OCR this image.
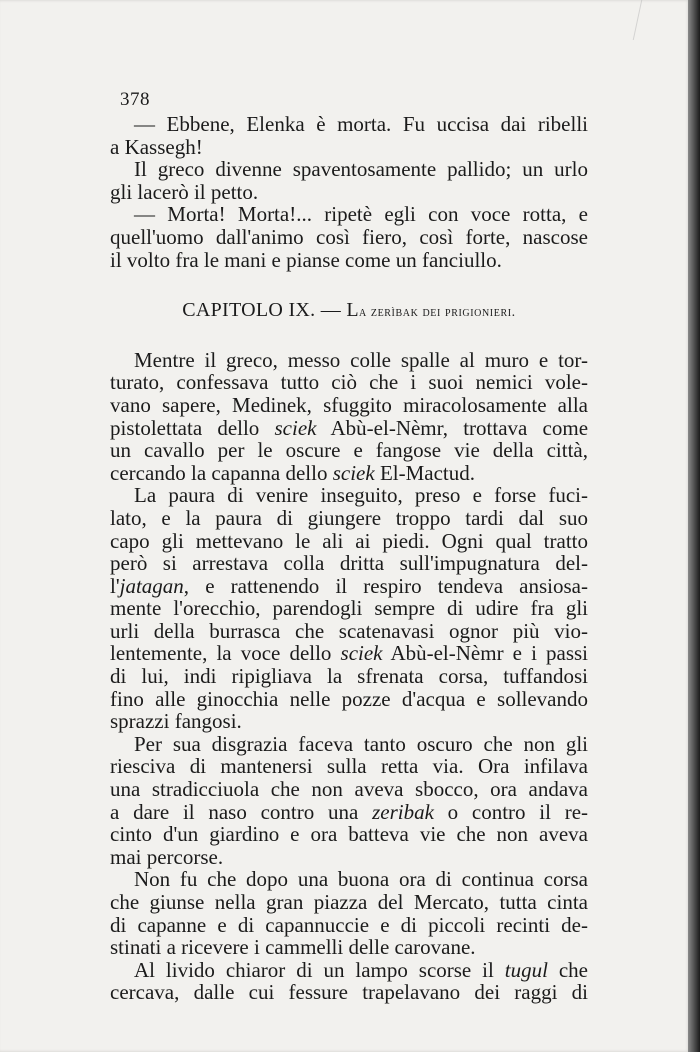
378
— Ebbene, Elenka è morta. Fu uccisa dai ribelli
a Kassegh!
Il greco divenne spaventosamente pallido; un urlo
gli lacerò il petto.
— Morta! Morta!... ripetè egli con voce rotta, e
quell'uomo dall'animo così fiero, così forte, nascose
il volto fra le mani e pianse come un fanciullo.
CAPITOLO IX. — La zerìbak dei prigionieri.
Mentre il greco, messo colle spalle al muro e tor-
turato, confessava tutto ciò che i suoi nemici vole-
vano sapere, Medinek, sfuggito miracolosamente alla
pistolettata dello sciek Abù-el-Nèmr, trottava come
un cavallo per le oscure e fangose vie della città,
cercando la capanna dello sciek El-Mactud.
La paura di venire inseguito, preso e forse fuci-
lato, e la paura di giungere troppo tardi dal suo
capo gli mettevano le ali ai piedi. Ogni qual tratto
però si arrestava colla dritta sull'impugnatura del-
l'jatagan, e rattenendo il respiro tendeva ansiosa-
mente l'orecchio, parendogli sempre di udire fra gli
urli della burrasca che scatenavasi ognor più vio-
lentemente, la voce dello sciek Abù-el-Nèmr e i passi
di lui, indi ripigliava la sfrenata corsa, tuffandosi
fino alle ginocchia nelle pozze d'acqua e sollevando
sprazzi fangosi.
Per sua disgrazia faceva tanto oscuro che non gli
riesciva di mantenersi sulla retta via. Ora infilava
una stradicciuola che non aveva sbocco, ora andava
a dare il naso contro una zeribak o contro il re-
cinto d'un giardino e ora batteva vie che non aveva
mai percorse.
Non fu che dopo una buona ora di continua corsa
che giunse nella gran piazza del Mercato, tutta cinta
di capanne e di capannuccie e di piccoli recinti de-
stinati a ricevere i cammelli delle carovane.
Al livido chiaror di un lampo scorse il tugul che
cercava, dalle cui fessure trapelavano dei raggi di
